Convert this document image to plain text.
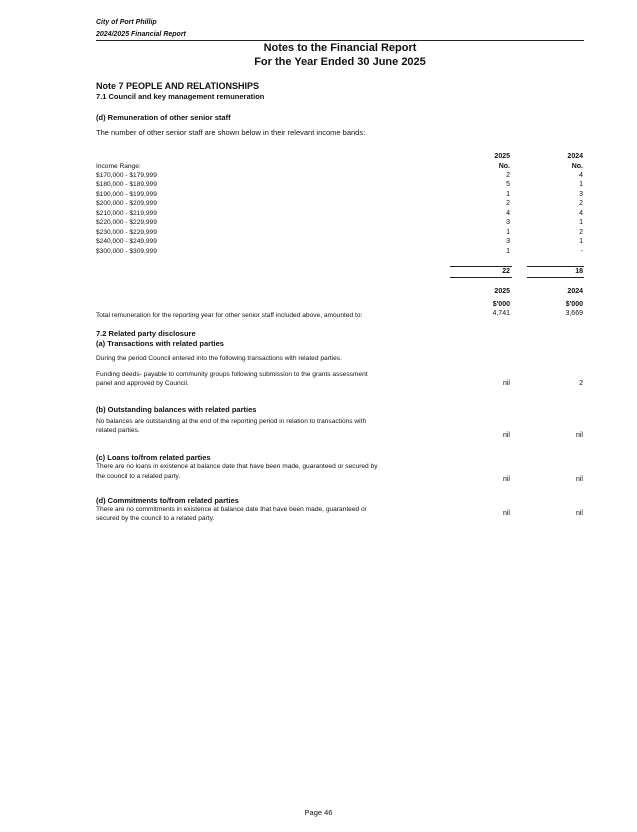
City of Port Phillip
2024/2025 Financial Report
Notes to the Financial Report
For the Year Ended 30 June 2025
Note 7 PEOPLE AND RELATIONSHIPS
7.1 Council and key management remuneration
(d) Remuneration of other senior staff
The number of other senior staff are shown below in their relevant income bands:
2025	2024
No.	No.
Income Range:
$170,000 - $179,999	2	4
$180,000 - $189,999	5	1
$190,000 - $199,999	1	3
$200,000 - $209,999	2	2
$210,000 - $219,999	4	4
$220,000 - $229,999	3	1
$230,000 - $229,999	1	2
$240,000 - $249,999	3	1
$300,000 - $309,999	1	-
22	18
2025	2024
$'000	$'000
Total remuneration for the reporting year for other senior staff included above, amounted to:	4,741	3,669
7.2 Related party disclosure
(a) Transactions with related parties
During the period Council entered into the following transactions with related parties.
Funding deeds- payable to community groups following submission to the grants assessment
panel and approved by Council.	nil	2
(b) Outstanding balances with related parties
No balances are outstanding at the end of the reporting period in relation to transactions with
related parties.
nil	nil
(c) Loans to/from related parties
There are no loans in existence at balance date that have been made, guaranteed or secured by
the council to a related party.	nil	nil
(d) Commitments to/from related parties
There are no commitments in existence at balance date that have been made, guaranteed or
secured by the council to a related party.
nil	nil
Page 46
